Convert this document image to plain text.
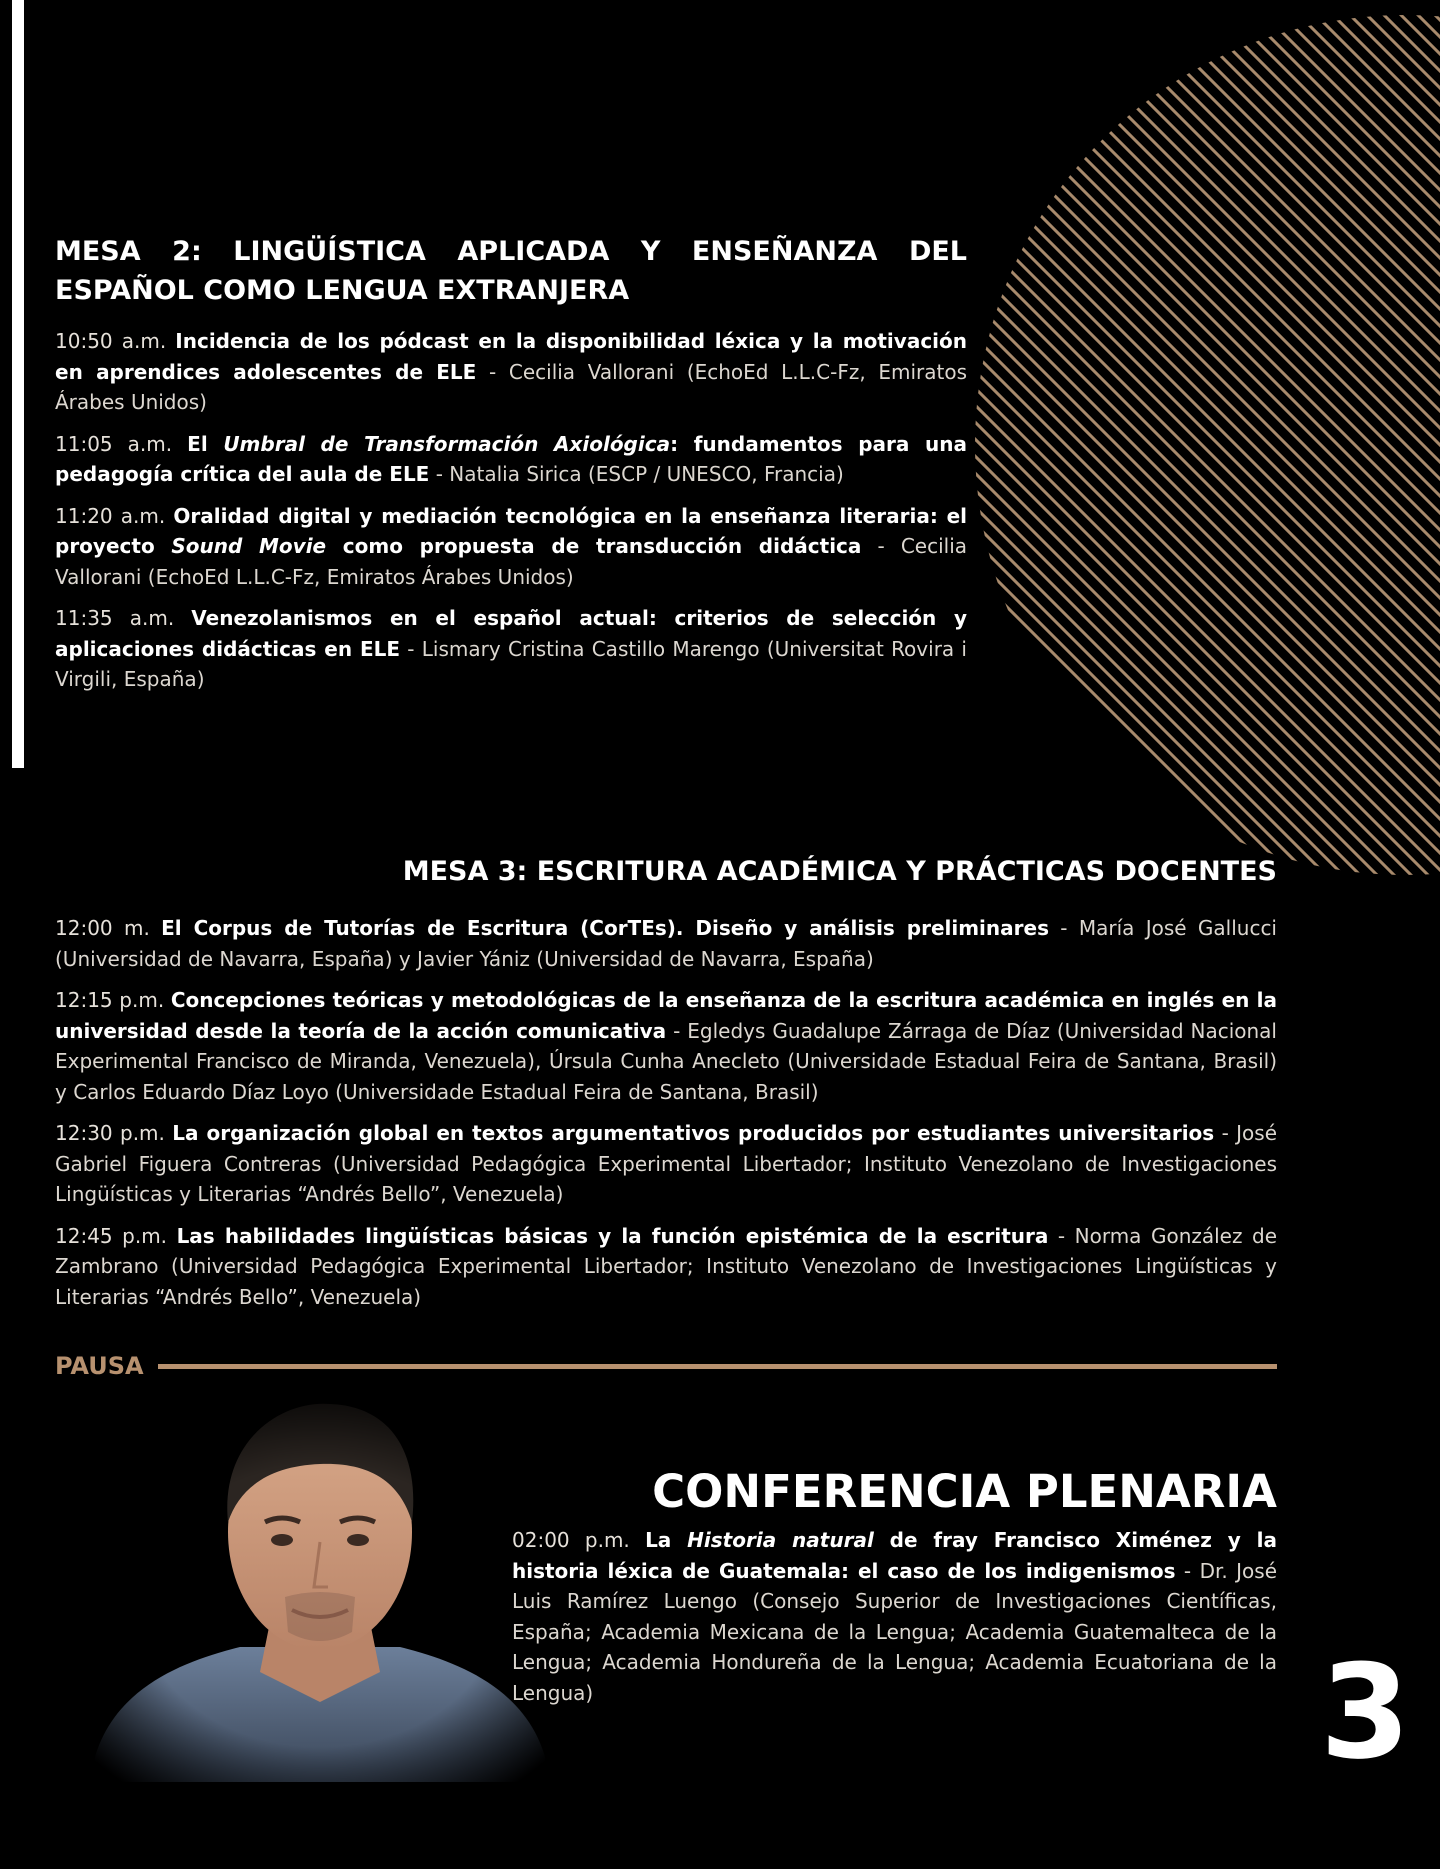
MESA 2: LINGÜÍSTICA APLICADA Y ENSEÑANZA DEL ESPAÑOL COMO LENGUA EXTRANJERA

10:50 a.m. Incidencia de los pódcast en la disponibilidad léxica y la motivación en aprendices adolescentes de ELE - Cecilia Vallorani (EchoEd L.L.C-Fz, Emiratos Árabes Unidos)

11:05 a.m. El Umbral de Transformación Axiológica: fundamentos para una pedagogía crítica del aula de ELE - Natalia Sirica (ESCP / UNESCO, Francia)

11:20 a.m. Oralidad digital y mediación tecnológica en la enseñanza literaria: el proyecto Sound Movie como propuesta de transducción didáctica - Cecilia Vallorani (EchoEd L.L.C-Fz, Emiratos Árabes Unidos)

11:35 a.m. Venezolanismos en el español actual: criterios de selección y aplicaciones didácticas en ELE - Lismary Cristina Castillo Marengo (Universitat Rovira i Virgili, España)

MESA 3: ESCRITURA ACADÉMICA Y PRÁCTICAS DOCENTES

12:00 m. El Corpus de Tutorías de Escritura (CorTEs). Diseño y análisis preliminares - María José Gallucci (Universidad de Navarra, España) y Javier Yániz (Universidad de Navarra, España)

12:15 p.m. Concepciones teóricas y metodológicas de la enseñanza de la escritura académica en inglés en la universidad desde la teoría de la acción comunicativa - Egledys Guadalupe Zárraga de Díaz (Universidad Nacional Experimental Francisco de Miranda, Venezuela), Úrsula Cunha Anecleto (Universidade Estadual Feira de Santana, Brasil) y Carlos Eduardo Díaz Loyo (Universidade Estadual Feira de Santana, Brasil)

12:30 p.m. La organización global en textos argumentativos producidos por estudiantes universitarios - José Gabriel Figuera Contreras (Universidad Pedagógica Experimental Libertador; Instituto Venezolano de Investigaciones Lingüísticas y Literarias “Andrés Bello”, Venezuela)

12:45 p.m. Las habilidades lingüísticas básicas y la función epistémica de la escritura - Norma González de Zambrano (Universidad Pedagógica Experimental Libertador; Instituto Venezolano de Investigaciones Lingüísticas y Literarias “Andrés Bello”, Venezuela)

PAUSA
CONFERENCIA PLENARIA

02:00 p.m. La Historia natural de fray Francisco Ximénez y la historia léxica de Guatemala: el caso de los indigenismos - Dr. José Luis Ramírez Luengo (Consejo Superior de Investigaciones Científicas, España; Academia Mexicana de la Lengua; Academia Guatemalteca de la Lengua; Academia Hondureña de la Lengua; Academia Ecuatoriana de la Lengua)	3
